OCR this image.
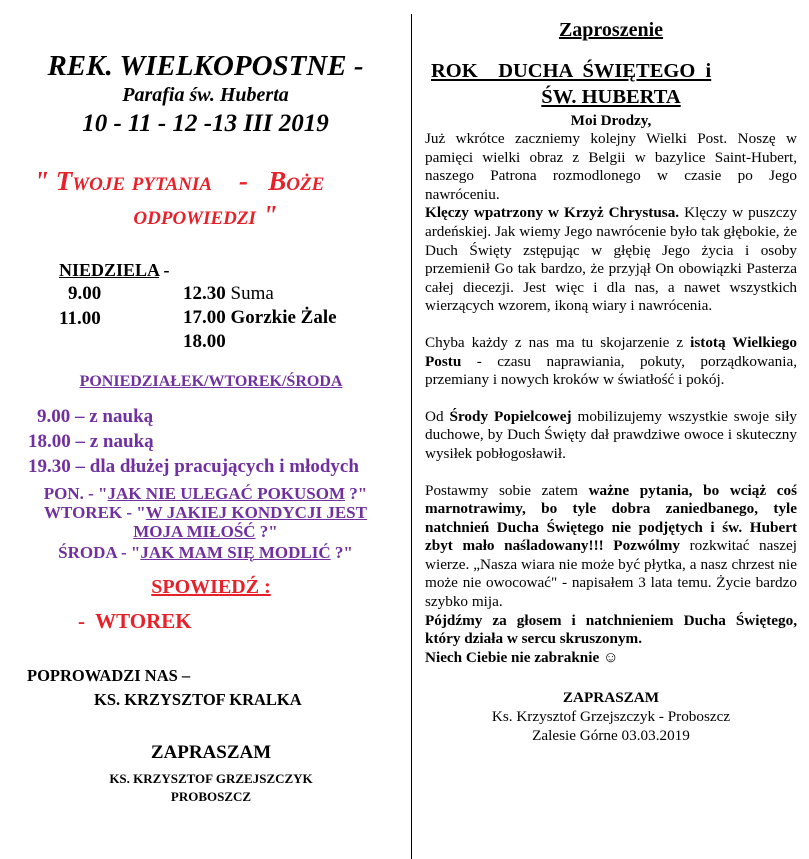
REK. WIELKOPOSTNE -
Parafia św. Huberta
10 - 11 - 12 -13 III 2019
" Twoje pytania    -   Boże
odpowiedzi "
NIEDZIELA -
9.00
11.00
12.30 Suma
17.00 Gorzkie Żale
18.00
PONIEDZIAŁEK/WTOREK/ŚRODA
9.00 – z nauką
18.00 – z nauką
19.30 – dla dłużej pracujących i młodych
PON. - "JAK NIE ULEGAĆ POKUSOM ?"
WTOREK - "W JAKIEJ KONDYCJI JEST
MOJA MIŁOŚĆ ?"
ŚRODA - "JAK MAM SIĘ MODLIĆ ?"
SPOWIEDŹ :
-  WTOREK
POPROWADZI NAS –
KS. KRZYSZTOF KRALKA
ZAPRASZAM
KS. KRZYSZTOF GRZEJSZCZYK
PROBOSZCZ
Zaproszenie
ROK    DUCHA  ŚWIĘTEGO  i
ŚW. HUBERTA
Moi Drodzy,

Już wkrótce zaczniemy kolejny Wielki Post. Noszę w pamięci wielki obraz z Belgii w bazylice Saint-Hubert, naszego Patrona rozmodlonego w czasie po Jego nawróceniu.

Klęczy wpatrzony w Krzyż Chrystusa. Klęczy w puszczy ardeńskiej. Jak wiemy Jego nawrócenie było tak głębokie, że Duch Święty zstępując w głębię Jego życia i osoby przemienił Go tak bardzo, że przyjął On obowiązki Pasterza całej diecezji. Jest więc i dla nas, a nawet wszystkich wierzących wzorem, ikoną wiary i nawrócenia.

Chyba każdy z nas ma tu skojarzenie z istotą Wielkiego Postu - czasu naprawiania, pokuty, porządkowania, przemiany i nowych kroków w światłość i pokój.

Od Środy Popielcowej mobilizujemy wszystkie swoje siły duchowe, by Duch Święty dał prawdziwe owoce i skuteczny wysiłek pobłogosławił.

Postawmy sobie zatem ważne pytania, bo wciąż coś marnotrawimy, bo tyle dobra zaniedbanego, tyle natchnień Ducha Świętego nie podjętych i św. Hubert zbyt mało naśladowany!!! Pozwólmy rozkwitać naszej wierze. „Nasza wiara nie może być płytka, a nasz chrzest nie może nie owocować" - napisałem 3 lata temu. Życie bardzo szybko mija.

Pójdźmy za głosem i natchnieniem Ducha Świętego, który działa w sercu skruszonym.

Niech Ciebie nie zabraknie ☺

ZAPRASZAM
Ks. Krzysztof Grzejszczyk - Proboszcz
Zalesie Górne 03.03.2019
